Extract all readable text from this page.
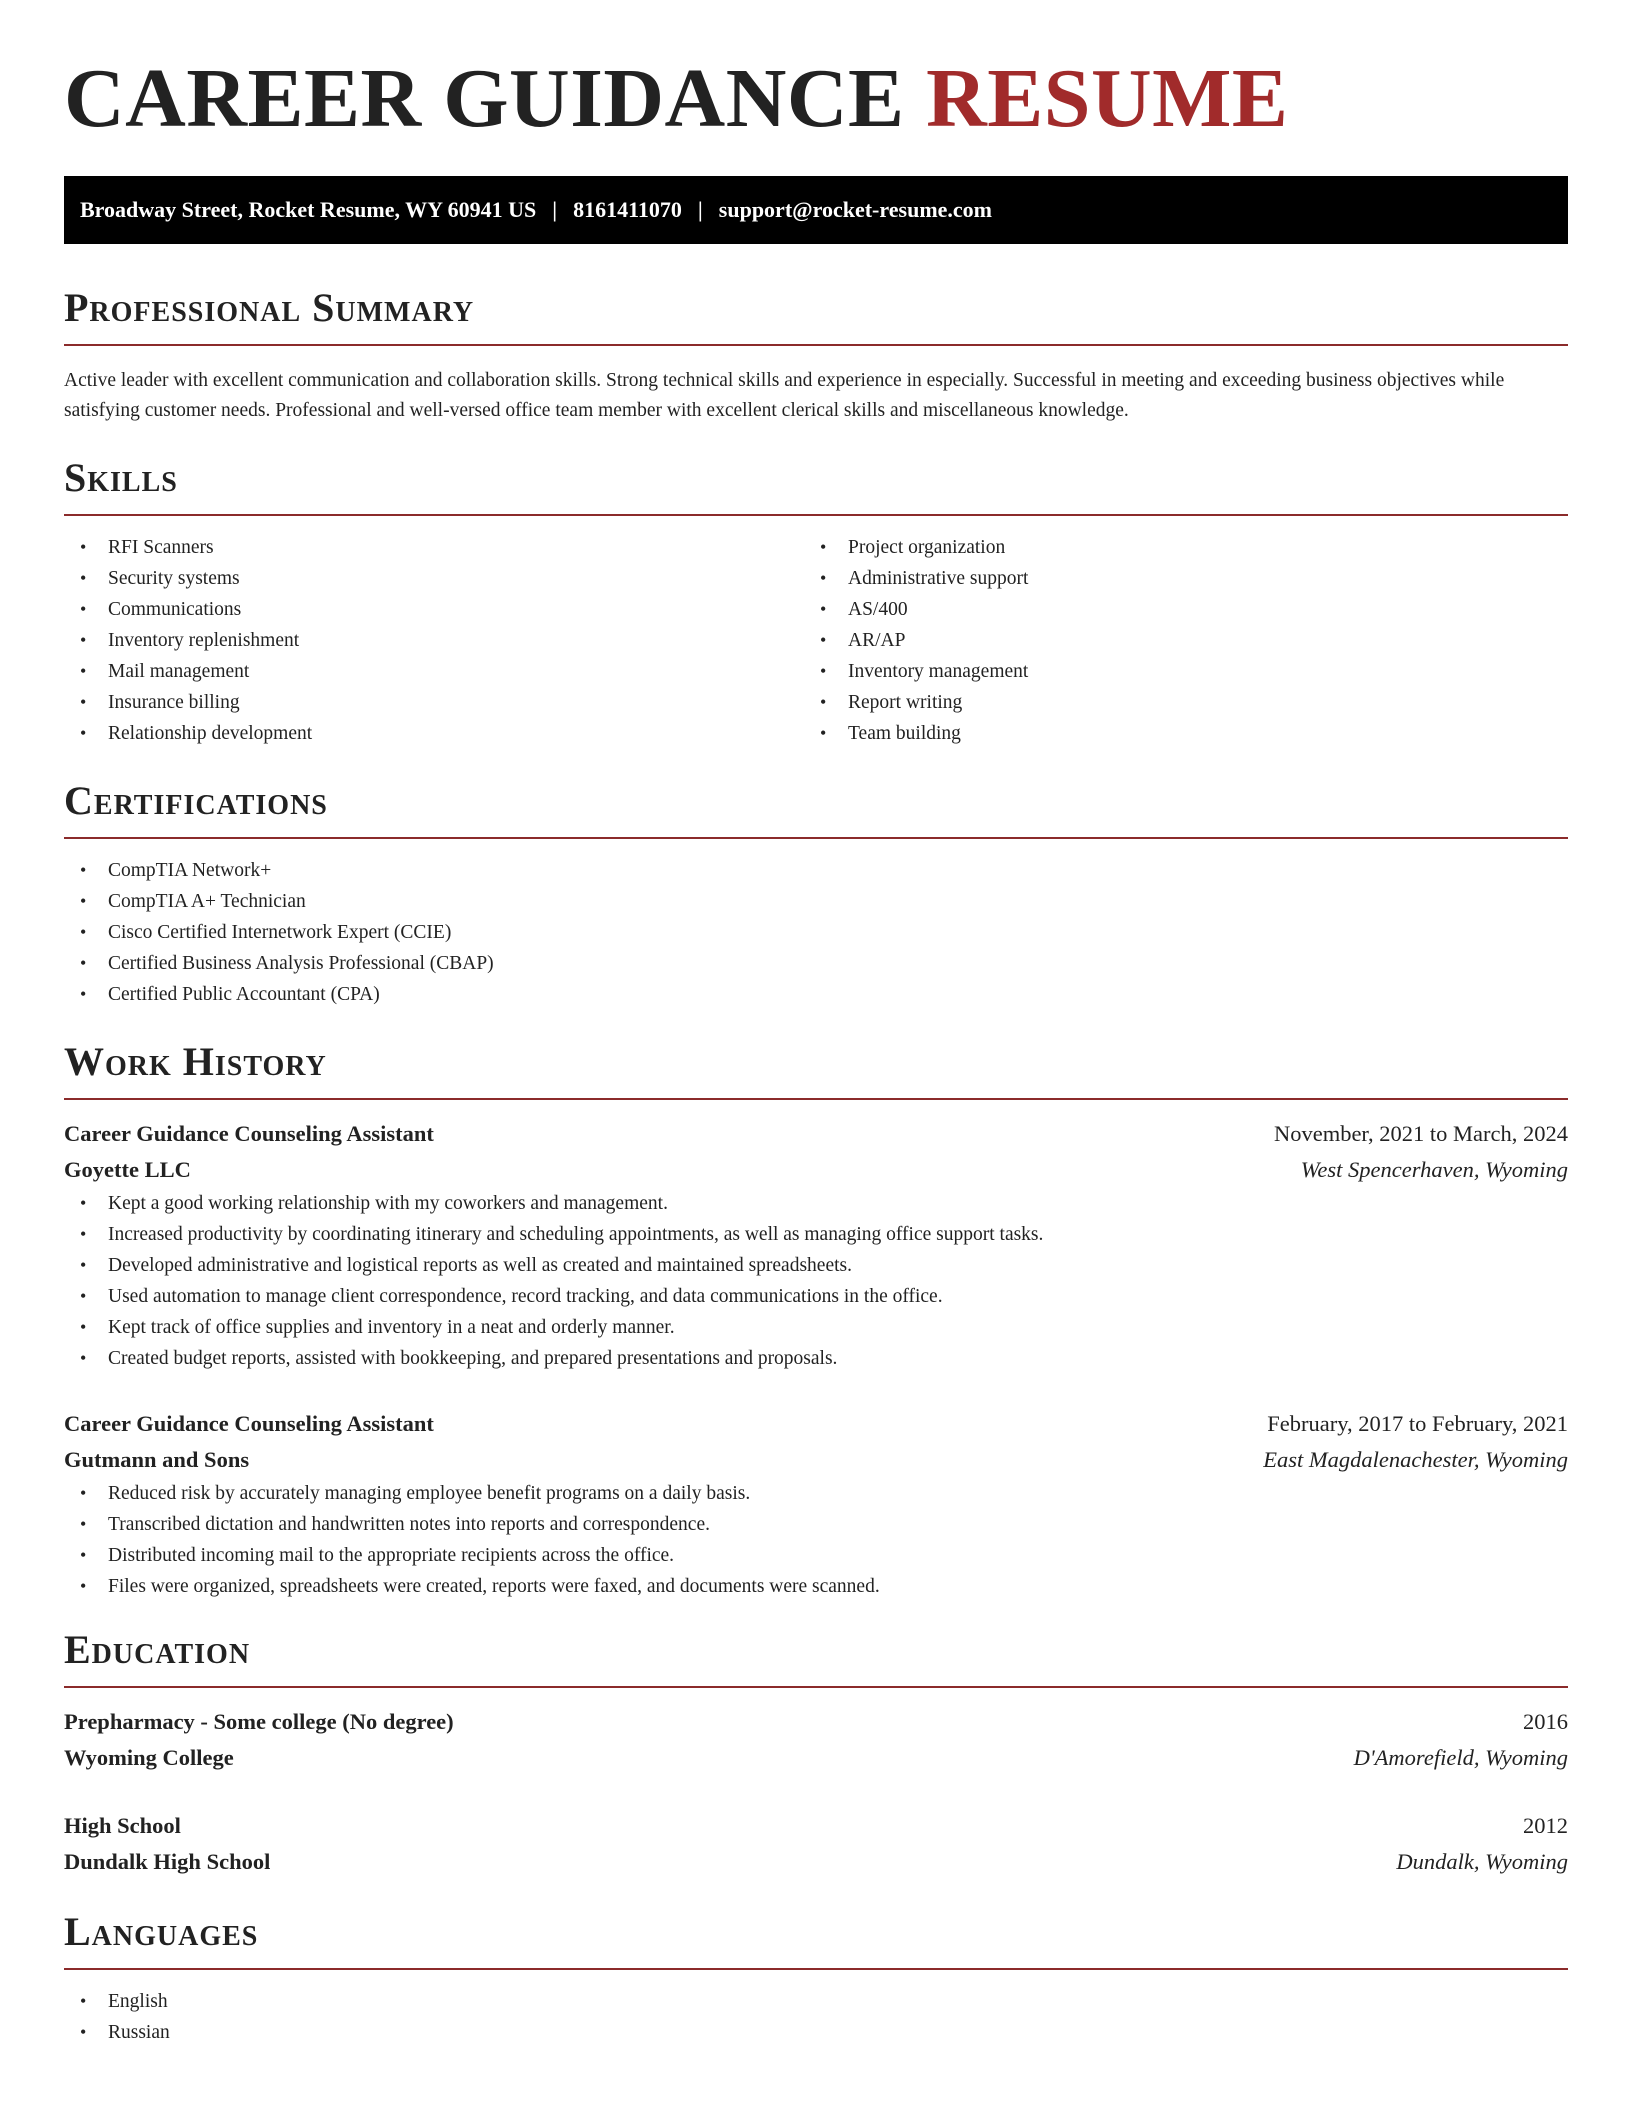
CAREER GUIDANCE RESUME
Broadway Street, Rocket Resume, WY 60941 US | 8161411070 | support@rocket-resume.com
Professional Summary

Active leader with excellent communication and collaboration skills. Strong technical skills and experience in especially. Successful in meeting and exceeding business objectives while satisfying customer needs. Professional and well-versed office team member with excellent clerical skills and miscellaneous knowledge.

Skills
• RFI Scanners
• Security systems
• Communications
• Inventory replenishment
• Mail management
• Insurance billing
• Relationship development
• Project organization
• Administrative support
• AS/400
• AR/AP
• Inventory management
• Report writing
• Team building
Certifications
• CompTIA Network+
• CompTIA A+ Technician
• Cisco Certified Internetwork Expert (CCIE)
• Certified Business Analysis Professional (CBAP)
• Certified Public Accountant (CPA)
Work History
Career Guidance Counseling Assistant	November, 2021 to March, 2024
Goyette LLC	West Spencerhaven, Wyoming
• Kept a good working relationship with my coworkers and management.
• Increased productivity by coordinating itinerary and scheduling appointments, as well as managing office support tasks.
• Developed administrative and logistical reports as well as created and maintained spreadsheets.
• Used automation to manage client correspondence, record tracking, and data communications in the office.
• Kept track of office supplies and inventory in a neat and orderly manner.
• Created budget reports, assisted with bookkeeping, and prepared presentations and proposals.
Career Guidance Counseling Assistant	February, 2017 to February, 2021
Gutmann and Sons	East Magdalenachester, Wyoming
• Reduced risk by accurately managing employee benefit programs on a daily basis.
• Transcribed dictation and handwritten notes into reports and correspondence.
• Distributed incoming mail to the appropriate recipients across the office.
• Files were organized, spreadsheets were created, reports were faxed, and documents were scanned.
Education
Prepharmacy - Some college (No degree)	2016
Wyoming College	D'Amorefield, Wyoming
High School	2012
Dundalk High School	Dundalk, Wyoming
Languages
• English
• Russian
